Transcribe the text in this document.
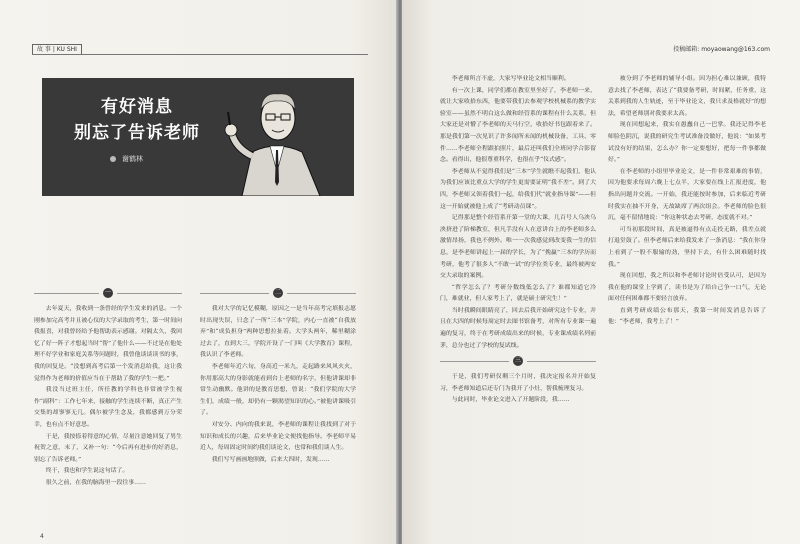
故 事 | KU SHI
有好消息
别忘了告诉老师
谢鹤林
一

去年夏天，我收到一条曾经的学生发来的消息。一个刚参加完高考并且被心仪的大学录取的考生，第一时间向我报喜，对我曾经给予他帮助表示感谢。对隔太久，我回忆了好一阵子才想起当时“帮”了他什么——不过是在他处理不好学业和家庭关系等问题时，我曾他谈谈读书的事，我的回复是。“没想到高考后第一个发消息给我，这让我觉得作为老师的价值应当在于帮助了我的学生一把。”

我没当过班主任，所任教的学科也非常被学生视作“副科”：工作七年来，接触的学生连续不断，真正产生交集的却寥寥无几。偶尔被学生念及，我都感到万分荣幸，也有点不好意思。

于是，我按捺着得意的心情，尽量注意她回复了男生祝贺之意，末了，又补一句：“今后再有进步的好消息，别忘了告诉老师。”

终于，我也和学生说这句话了。

很久之前，在我的脑海里一段往事……

二

我对大学的记忆模糊，原因之一是当年高考完填报志愿时出现失误，只念了一所“三本”学院，内心一直被“自我放弃”和“成负担身”两种思想拉扯着。大学头两年，稀里糊涂过去了，直到大三，学院开设了一门叫《大学教育》课程，我认识了李老师。

李老师年近六旬，身高近一米九，走起路来风风火火，你用那高大的身影就能看到台上老师的名字，但他讲课却非常生动幽默。他讲的是教育思想，曾说：“我们学院的大学生们，成绩一般，却仍有一颗渴望知识的心。”被他讲课吸引了。

对安分、内向的我来说，李老师的课程让我找到了对于知识和成长的兴趣，后来毕业论文便找他指导。李老师平易近人，每周固定时间约我们谈论文，也常和我们谈人生。

我们写写画画地照做，后来大四时，发现……

4
投稿邮箱: moyaowang@163.com

李老师所言不虚，大家写毕业论文相当顺利。

有一次上课，同学们都在教室里坐好了，李老师一来，就让大家收拾东西，他要带我们去参观学校机械系的教学实验室——虽然不明白这么做和经管系的课程有什么关系，但大家还是对懵了李老师的天马行空，收拾好书包跟着来了。那是我们第一次见识了许多闻所未闻的机械设备，工具、零件……李老师全程跟拍照片，最后还叫我们全班同学合影留念。看得出，他很尊重科学，也很在乎“仪式感”。

李老师从不觉得我们是“三本”学生就瞧不起我们，他认为我们应该比重点大学的学生更需要证明“我不差”。到了大四，李老师又领着我们一起，给我们代“就业指导课”——但这一开始就被他上成了“考研动员课”。

记得那是整个经管系开第一堂的大课，几百号人乌泱乌泱挤进了阶梯教室，但凡手没有人在意讲台上的李老师多么激情昂扬，我也不例外。唯一一次我感觉到改变我一生的信息，是李老师讲起上一届的学长，为了“挽赢”三本的学历而考研，他考了很多人“不敢一试”的学位类专业，最终被两安交大录取的案例。

“哲学怎么了？考研分数线低怎么了？谁都知道它冷门，难就业，但人家考上了，就是硕士研究生！”

当时我瞬间眼睛亮了，回去后我开始研究这个专业，并且在大四的时候每周定时去图书馆备考，对所有专业课一遍遍的复习，终于在考研成绩出来的时候，专业课成绩名列前茅，总分也过了学校的复试线。

三

于是，我们考研仅剩三个月时，我决定报名并开始复习，李老师知道后还专门为我开了小灶，帮我梳理复习。

与此同时，毕业论文进入了开题阶段，我……

被分到了李老师的辅导小组。因为担心难以兼顾，我特意去找了李老师，表达了“我要备考研，时间紧，任务重，这关系到我的人生轨迹，至于毕业论文，我只求及格就好”的想法，希望老师别对我要求太高。

现在回想起来，我实在愚蠢自己一巴掌。我还记得李老师脸色阴沉，说我的研究生考试准备没做好，他说：“如果考试没有好的结果，怎么办？你一定要想好，把每一件事都做好。”

在李老师的小组里毕业论文，是一件非常艰难的事情，因为他要求每周六晚上七点半，大家要在线上汇报进度，他指出问题并交流。一开始，我还能按时参加，后来临近考研时我实在抽不开身，无故缺席了两次组会。李老师的脸色很沉，毫不留情地说：“你这种状态去考研，态度就不对。”

可当初那段时间，真是被逼得有点走投无路，我差点就打退堂鼓了。但李老师后来给我发来了一条消息：“我在你身上看到了一股不服输的劲，坚持下去，有什么困难随时找我。”

现在回想，我之所以和李老师讨论时倍受认可，是因为我在他的课堂上学到了，读书是为了给自己争一口气，无论面对任何困难都不要轻言放弃。

直到考研成绩公布那天，我第一时间发消息告诉了他：“李老师，我考上了！”
